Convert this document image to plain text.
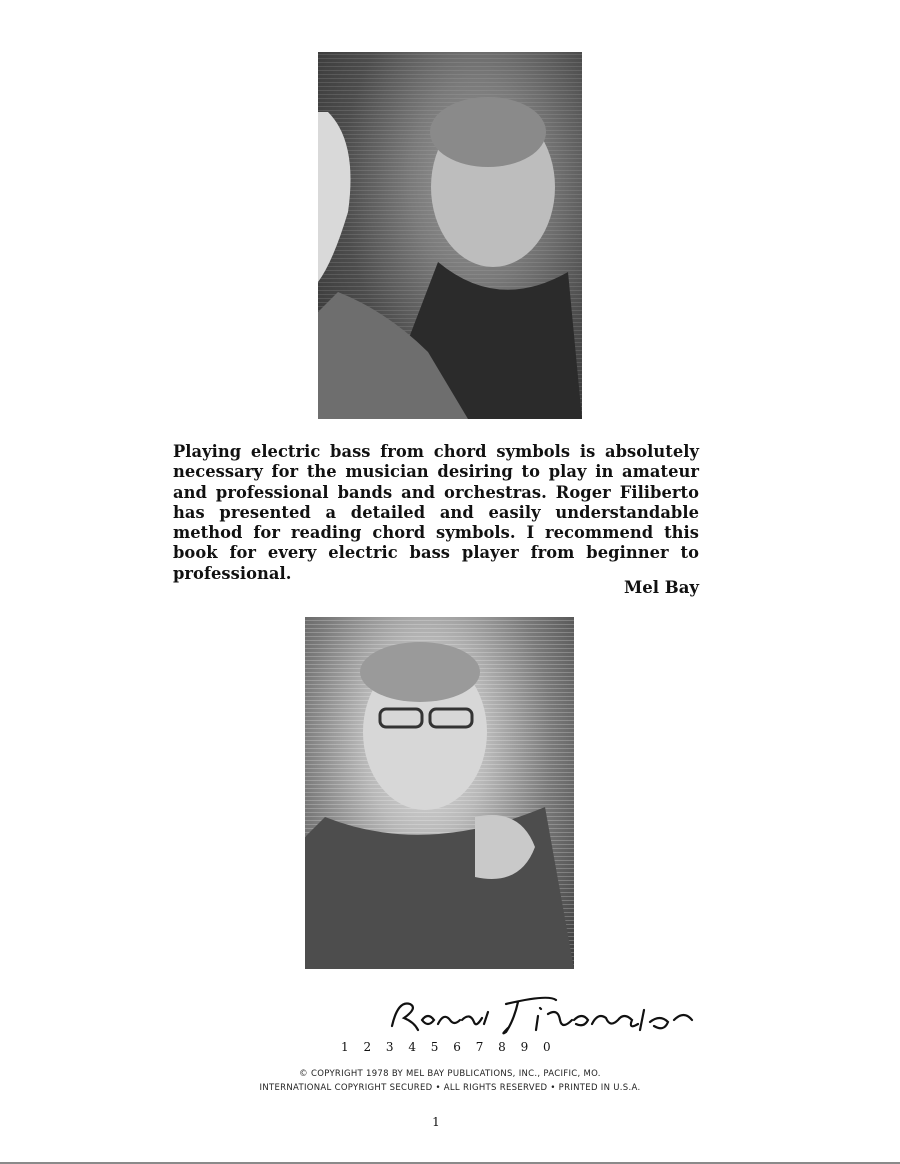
Playing electric bass from chord symbols is absolutely necessary for the musician desiring to play in amateur and professional bands and orchestras. Roger Filiberto has presented a detailed and easily understandable method for reading chord symbols. I recommend this book for every electric bass player from beginner to professional.

Mel Bay
1 2 3 4 5 6 7 8 9 0
© COPYRIGHT 1978 BY MEL BAY PUBLICATIONS, INC., PACIFIC, MO.
INTERNATIONAL COPYRIGHT SECURED • ALL RIGHTS RESERVED • PRINTED IN U.S.A.
1
